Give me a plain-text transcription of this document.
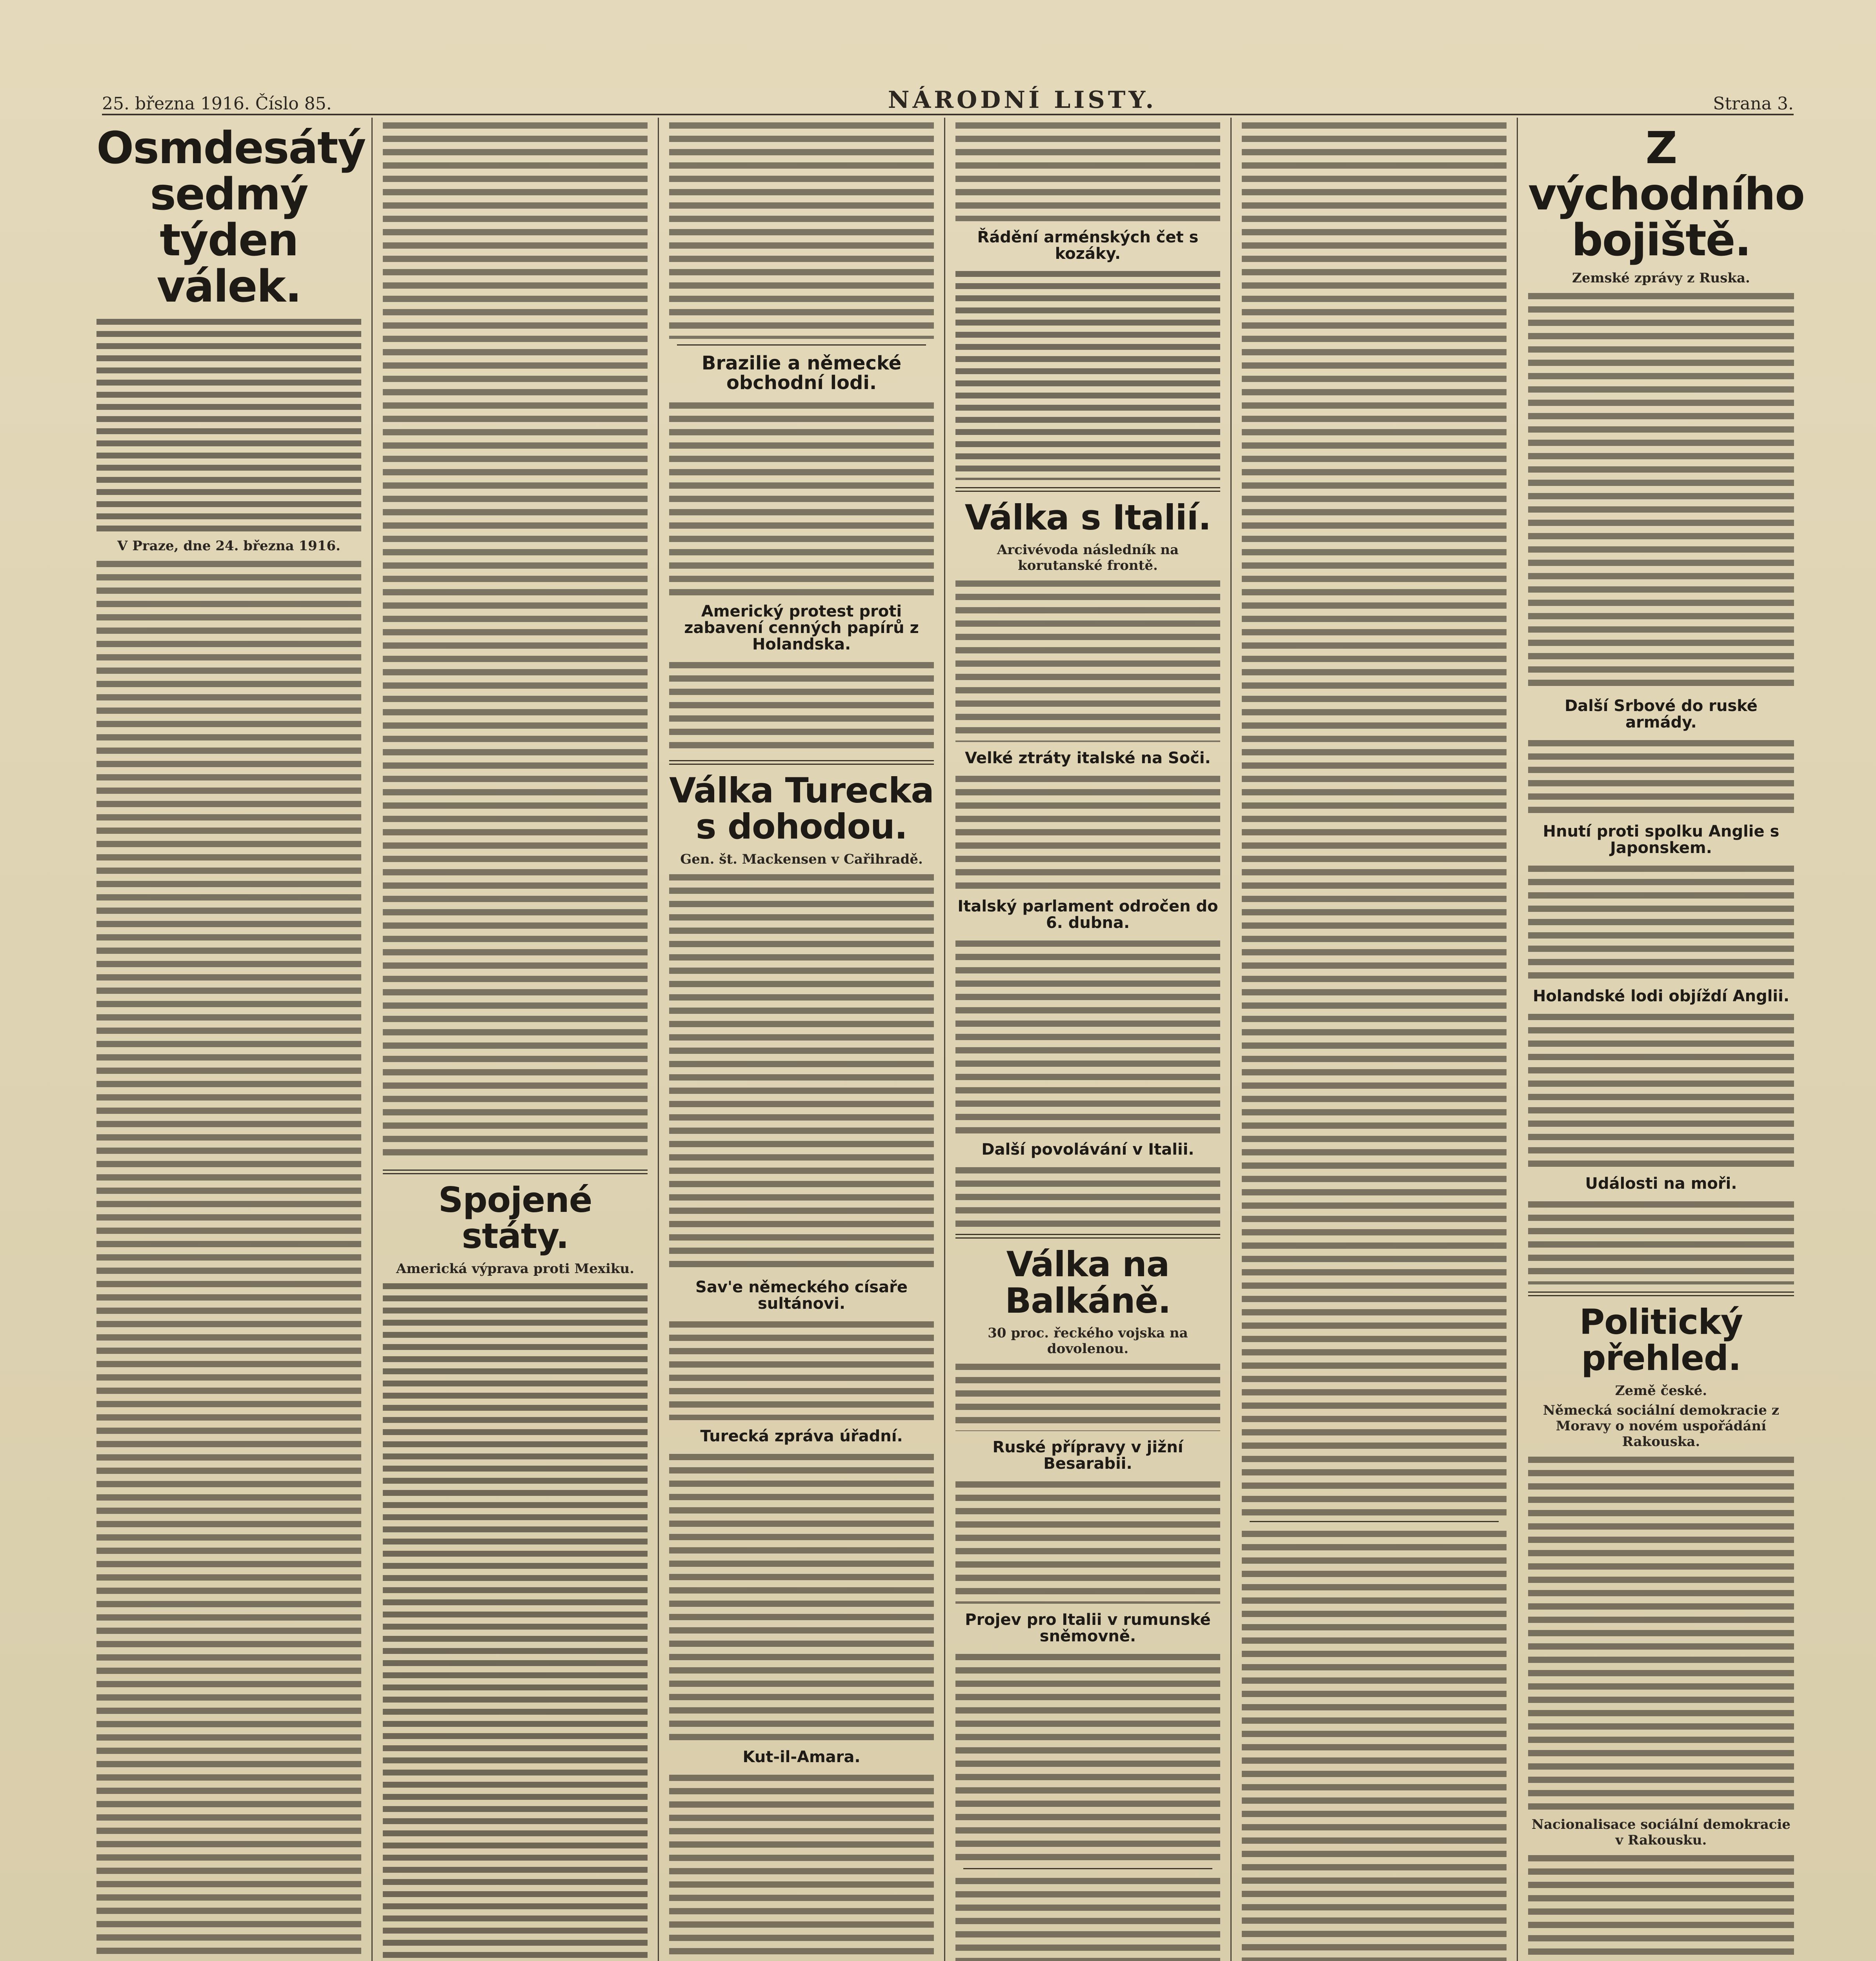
25. března 1916. Číslo 85.	NÁRODNÍ LISTY.	Strana 3.
Osmdesátý sedmý týden válek.
V Praze, dne 24. března 1916.
Spojené státy.
Americká výprava proti Mexiku.
Brazilie a německé obchodní lodi.
Americký protest proti zabavení cenných papírů z Holandska.
Válka Turecka s dohodou.
Gen. št. Mackensen v Cařihradě.
Sav'e německého císaře sultánovi.
Turecká zpráva úřadní.
Kut-il-Amara.
Řádění arménských čet s kozáky.
Válka s Italií.
Arcivévoda následník na korutanské frontě.
Velké ztráty italské na Soči.
Italský parlament odročen do 6. dubna.
Další povolávání v Italii.
Válka na Balkáně.
30 proc. řeckého vojska na dovolenou.
Ruské přípravy v jižní Besarabii.
Projev pro Italii v rumunské sněmovně.
Z východního bojiště.
Zemské zprávy z Ruska.
Další Srbové do ruské armády.
Hnutí proti spolku Anglie s Japonskem.
Holandské lodi objíždí Anglii.
Události na moři.
Politický přehled.
Země české.
Německá sociální demokracie z Moravy o novém uspořádání Rakouska.
Nacionalisace sociální demokracie v Rakousku.
